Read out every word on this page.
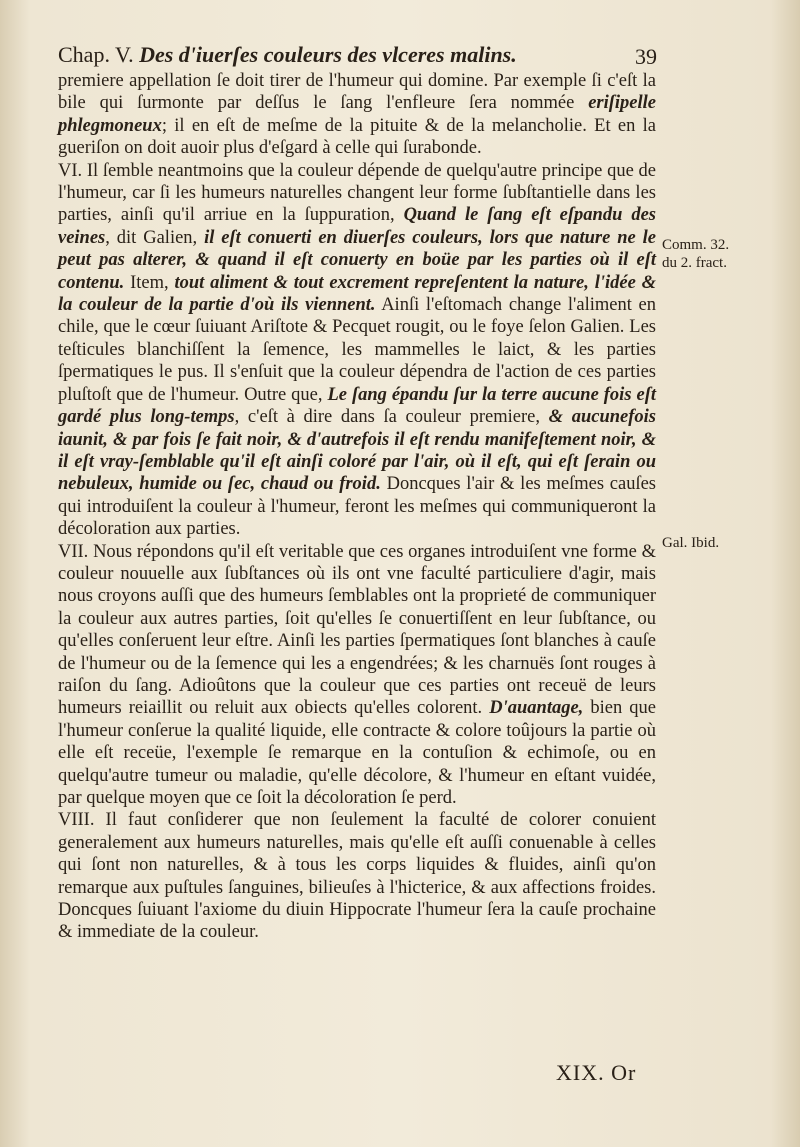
Chap. V. Des d'iuerſes couleurs des vlceres malins.	39

premiere appellation ſe doit tirer de l'humeur qui domine. Par exemple ſi c'eſt la bile qui ſurmonte par deſſus le ſang l'enfleure ſera nommée eriſipelle phlegmoneux; il en eſt de meſme de la pituite & de la melancholie. Et en la gueriſon on doit auoir plus d'eſgard à celle qui ſurabonde.

VI. Il ſemble neantmoins que la couleur dépende de quelqu'autre principe que de l'humeur, car ſi les humeurs naturelles changent leur forme ſubſtantielle dans les parties, ainſi qu'il arriue en la ſuppuration, Quand le ſang eſt eſpandu des veines, dit Galien, il eſt conuerti en diuerſes couleurs, lors que nature ne le peut pas alterer, & quand il eſt conuerty en boüe par les parties où il eſt contenu. Item, tout aliment & tout excrement repreſentent la nature, l'idée & la couleur de la partie d'où ils viennent. Ainſi l'eſtomach change l'aliment en chile, que le cœur ſuiuant Ariſtote & Pecquet rougit, ou le foye ſelon Galien. Les teſticules blanchiſſent la ſemence, les mammelles le laict, & les parties ſpermatiques le pus. Il s'enſuit que la couleur dépendra de l'action de ces parties pluſtoſt que de l'humeur. Outre que, Le ſang épandu ſur la terre aucune fois eſt gardé plus long-temps, c'eſt à dire dans ſa couleur premiere, & aucunefois iaunit, & par fois ſe fait noir, & d'autrefois il eſt rendu manifeſtement noir, & il eſt vray-ſemblable qu'il eſt ainſi coloré par l'air, où il eſt, qui eſt ſerain ou nebuleux, humide ou ſec, chaud ou froid. Doncques l'air & les meſmes cauſes qui introduiſent la couleur à l'humeur, feront les meſmes qui communiqueront la décoloration aux parties.

VII. Nous répondons qu'il eſt veritable que ces organes introduiſent vne forme & couleur nouuelle aux ſubſtances où ils ont vne faculté particuliere d'agir, mais nous croyons auſſi que des humeurs ſemblables ont la proprieté de communiquer la couleur aux autres parties, ſoit qu'elles ſe conuertiſſent en leur ſubſtance, ou qu'elles conſeruent leur eſtre. Ainſi les parties ſpermatiques ſont blanches à cauſe de l'humeur ou de la ſemence qui les a engendrées; & les charnuës ſont rouges à raiſon du ſang. Adioûtons que la couleur que ces parties ont receuë de leurs humeurs reiaillit ou reluit aux obiects qu'elles colorent. D'auantage, bien que l'humeur conſerue la qualité liquide, elle contracte & colore toûjours la partie où elle eſt receüe, l'exemple ſe remarque en la contuſion & echimoſe, ou en quelqu'autre tumeur ou maladie, qu'elle décolore, & l'humeur en eſtant vuidée, par quelque moyen que ce ſoit la décoloration ſe perd.

VIII. Il faut conſiderer que non ſeulement la faculté de colorer conuient generalement aux humeurs naturelles, mais qu'elle eſt auſſi conuenable à celles qui ſont non naturelles, & à tous les corps liquides & fluides, ainſi qu'on remarque aux puſtules ſanguines, bilieuſes à l'hicterice, & aux affections froides. Doncques ſuiuant l'axiome du diuin Hippocrate l'humeur ſera la cauſe prochaine & immediate de la couleur.

Comm. 32.
du 2. fract.
Gal. Ibid.
XIX. Or
